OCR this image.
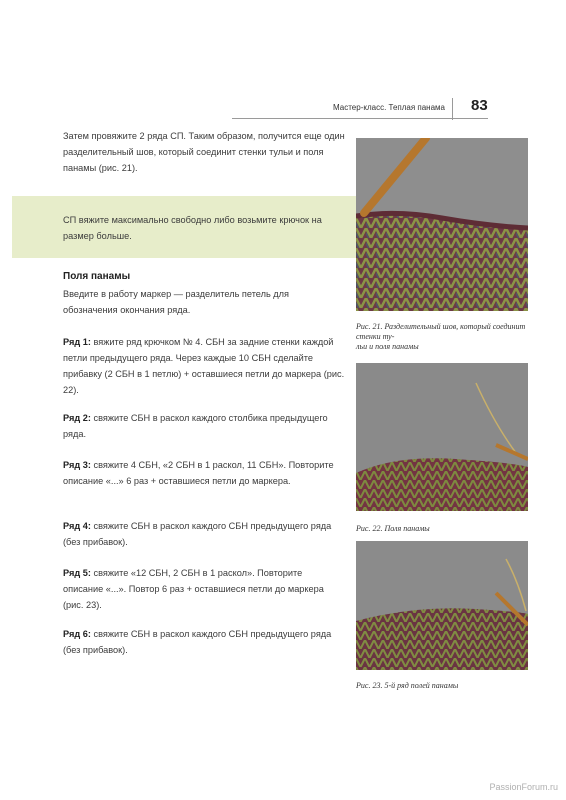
Мастер-класс. Теплая панама 83

Затем провяжите 2 ряда СП. Таким образом, получится еще один разделительный шов, который соединит стенки тульи и поля панамы (рис. 21).

СП вяжите максимально свободно либо возьмите крючок на размер больше.

Поля панамы

Введите в работу маркер — разделитель петель для обозначения окончания ряда.

Ряд 1: вяжите ряд крючком № 4. СБН за задние стенки каждой петли предыдущего ряда. Через каждые 10 СБН сделайте прибавку (2 СБН в 1 петлю) + оставшиеся петли до маркера (рис. 22).

Ряд 2: свяжите СБН в раскол каждого столбика предыдущего ряда.

Ряд 3: свяжите 4 СБН, «2 СБН в 1 раскол, 11 СБН». Повторите описание «...» 6 раз + оставшиеся петли до маркера.

Ряд 4: свяжите СБН в раскол каждого СБН предыдущего ряда (без прибавок).

Ряд 5: свяжите «12 СБН, 2 СБН в 1 раскол». Повторите описание «...». Повтор 6 раз + оставшиеся петли до маркера (рис. 23).

Ряд 6: свяжите СБН в раскол каждого СБН предыдущего ряда (без прибавок).

Рис. 21. Разделительный шов, который соединит стенки ту-
льи и поля панамы
Рис. 22. Поля панамы
Рис. 23. 5-й ряд полей панамы
PassionForum.ru
